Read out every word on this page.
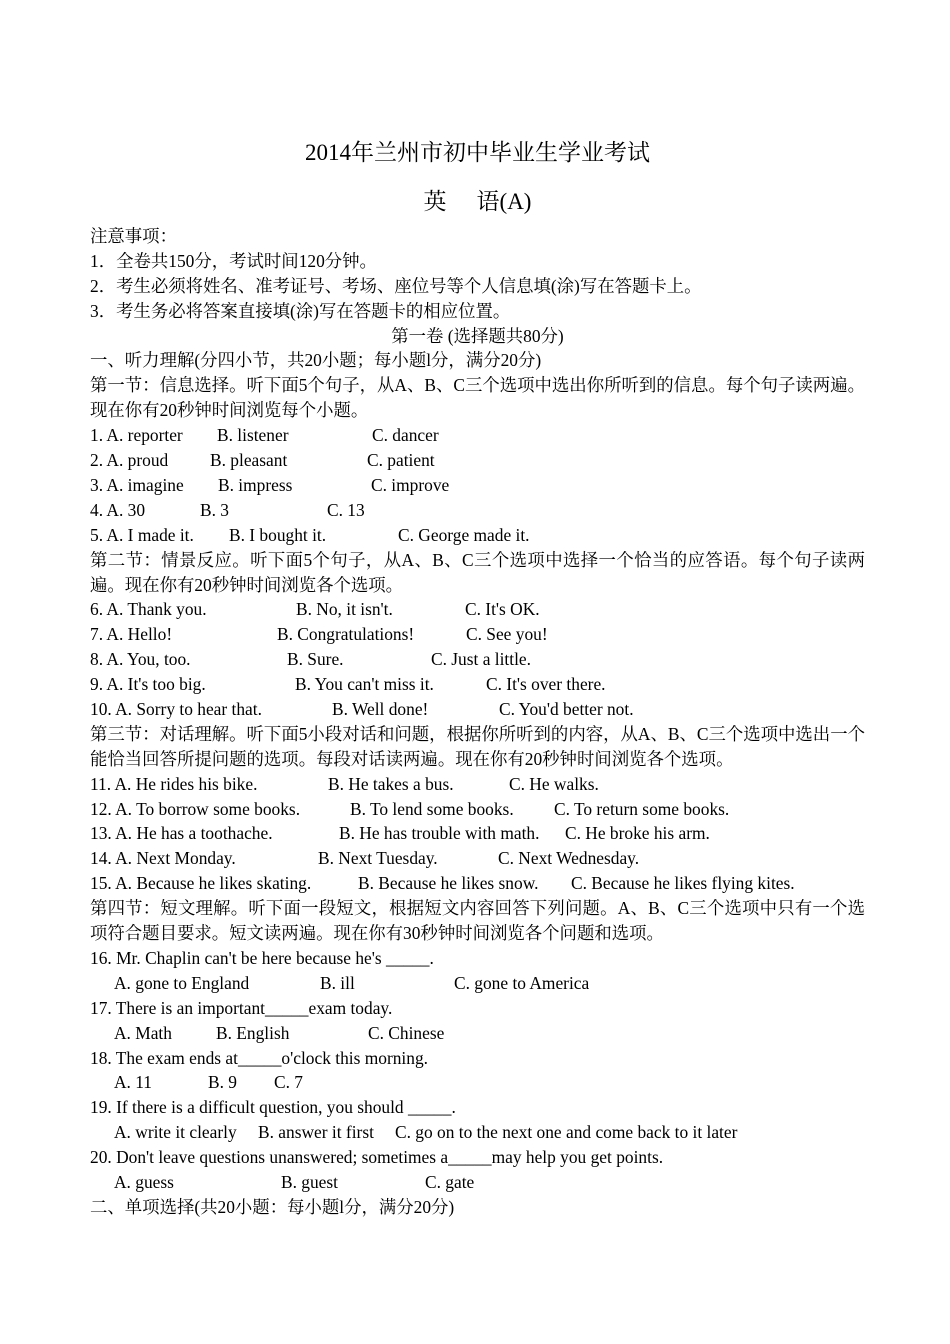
2014年兰州市初中毕业生学业考试
英 语(A)
注意事项：
1．全卷共150分，考试时间120分钟。
2．考生必须将姓名、准考证号、考场、座位号等个人信息填(涂)写在答题卡上。
3．考生务必将答案直接填(涂)写在答题卡的相应位置。
第一卷 (选择题共80分)
一、听力理解(分四小节，共20小题；每小题l分，满分20分)
第一节：信息选择。听下面5个句子，从A、B、C三个选项中选出你所听到的信息。每个句子读两遍。现在你有20秒钟时间浏览每个小题。
1. A. reporter B. listener	C. dancer
2. A. proud B. pleasant	C. patient
3. A. imagine B. impress	C. improve
4. A. 30	B. 3	C. 13
5. A. I made it. B. I bought it.	C. George made it.
第二节：情景反应。听下面5个句子，从A、B、C三个选项中选择一个恰当的应答语。每个句子读两遍。现在你有20秒钟时间浏览各个选项。
6. A. Thank you.	B. No, it isn't.	C. It's OK.
7. A. Hello!	B. Congratulations!	C. See you!
8. A. You, too.	B. Sure.	C. Just a little.
9. A. It's too big.	B. You can't miss it.	C. It's over there.
10. A. Sorry to hear that.	B. Well done!	C. You'd better not.
第三节：对话理解。听下面5小段对话和问题，根据你所听到的内容，从A、B、C三个选项中选出一个能恰当回答所提问题的选项。每段对话读两遍。现在你有20秒钟时间浏览各个选项。
11. A. He rides his bike.	B. He takes a bus.	C. He walks.
12. A. To borrow some books.	B. To lend some books. C. To return some books.
13. A. He has a toothache.	B. He has trouble with math. C. He broke his arm.
14. A. Next Monday.	B. Next Tuesday.	C. Next Wednesday.
15. A. Because he likes skating.	B. Because he likes snow. C. Because he likes flying kites.
第四节：短文理解。听下面一段短文，根据短文内容回答下列问题。A、B、C三个选项中只有一个选项符合题目要求。短文读两遍。现在你有30秒钟时间浏览各个问题和选项。
16. Mr. Chaplin can't be here because he's _____.
A. gone to England	B. ill	C. gone to America
17. There is an important_____exam today.
A. Math	B. English	C. Chinese
18. The exam ends at_____o'clock this morning.
A. 11	B. 9 C. 7
19. If there is a difficult question, you should _____.
A. write it clearly B. answer it first C. go on to the next one and come back to it later
20. Don't leave questions unanswered; sometimes a_____may help you get points.
A. guess	B. guest	C. gate
二、单项选择(共20小题：每小题l分，满分20分)
